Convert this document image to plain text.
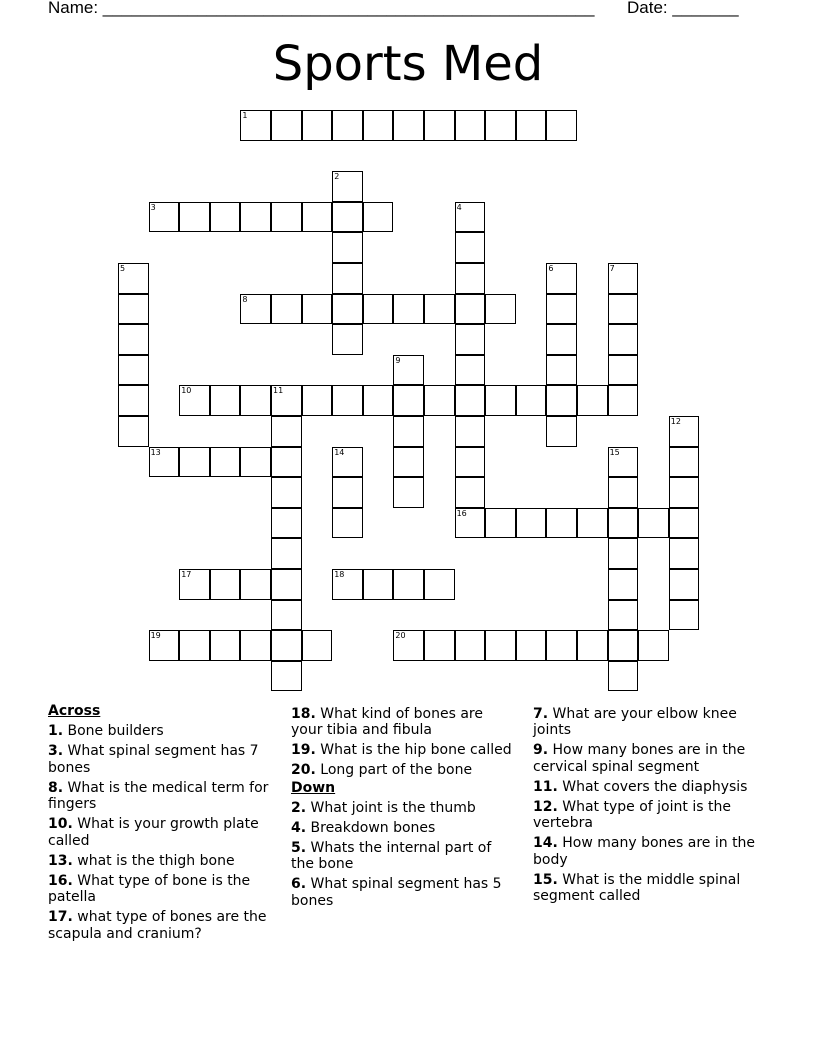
Name: ____________________________________________________ Date: _______
Sports Med
1
2
3	4
5	6	7
8
9
10	11
12
13	14	15
16
17	18
19	20
Across
1. Bone builders
3. What spinal segment has 7 bones
8. What is the medical term for fingers
10. What is your growth plate called
13. what is the thigh bone
16. What type of bone is the patella
17. what type of bones are the scapula and cranium?
18. What kind of bones are your tibia and fibula
19. What is the hip bone called
20. Long part of the bone
Down
2. What joint is the thumb
4. Breakdown bones
5. Whats the internal part of the bone
6. What spinal segment has 5 bones
7. What are your elbow knee joints
9. How many bones are in the cervical spinal segment
11. What covers the diaphysis
12. What type of joint is the vertebra
14. How many bones are in the body
15. What is the middle spinal segment called
